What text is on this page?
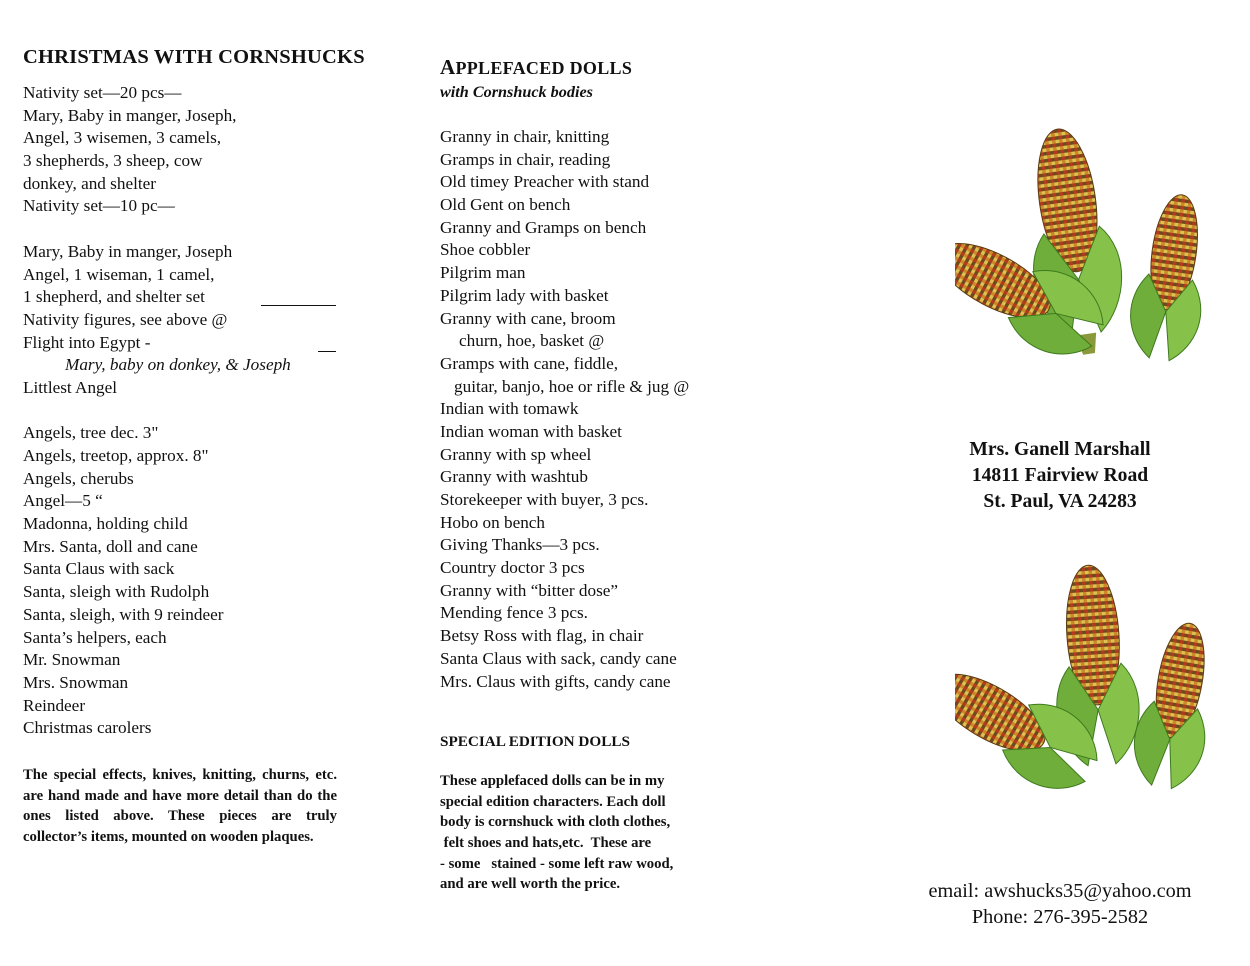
CHRISTMAS WITH CORNSHUCKS
Nativity set—20 pcs—
Mary, Baby in manger, Joseph,
Angel, 3 wisemen, 3 camels,
3 shepherds, 3 sheep, cow
donkey, and shelter
Nativity set—10 pc—
Mary, Baby in manger, Joseph
Angel, 1 wiseman, 1 camel,
1 shepherd, and shelter set
Nativity figures, see above @
Flight into Egypt -
Mary, baby on donkey, & Joseph
Littlest Angel
Angels, tree dec. 3"
Angels, treetop, approx. 8"
Angels, cherubs
Angel—5 “
Madonna, holding child
Mrs. Santa, doll and cane
Santa Claus with sack
Santa, sleigh with Rudolph
Santa, sleigh, with 9 reindeer
Santa’s helpers, each
Mr. Snowman
Mrs. Snowman
Reindeer
Christmas carolers
The special effects, knives, knitting, churns, etc. are hand made and have more detail than do the ones listed above. These pieces are truly collector’s items, mounted on wooden plaques.
APPLEFACED DOLLS
with Cornshuck bodies
Granny in chair, knitting
Gramps in chair, reading
Old timey Preacher with stand
Old Gent on bench
Granny and Gramps on bench
Shoe cobbler
Pilgrim man
Pilgrim lady with basket
Granny with cane, broom
churn, hoe, basket @
Gramps with cane, fiddle,
guitar, banjo, hoe or rifle & jug @
Indian with tomawk
Indian woman with basket
Granny with sp wheel
Granny with washtub
Storekeeper with buyer, 3 pcs.
Hobo on bench
Giving Thanks—3 pcs.
Country doctor 3 pcs
Granny with “bitter dose”
Mending fence 3 pcs.
Betsy Ross with flag, in chair
Santa Claus with sack, candy cane
Mrs. Claus with gifts, candy cane
SPECIAL EDITION DOLLS
These applefaced dolls can be in my
special edition characters. Each doll
body is cornshuck with cloth clothes,
felt shoes and hats,etc.  These are
- some   stained - some left raw wood,
and are well worth the price.
Mrs. Ganell Marshall
14811 Fairview Road
St. Paul, VA 24283
email: awshucks35@yahoo.com
Phone: 276-395-2582
